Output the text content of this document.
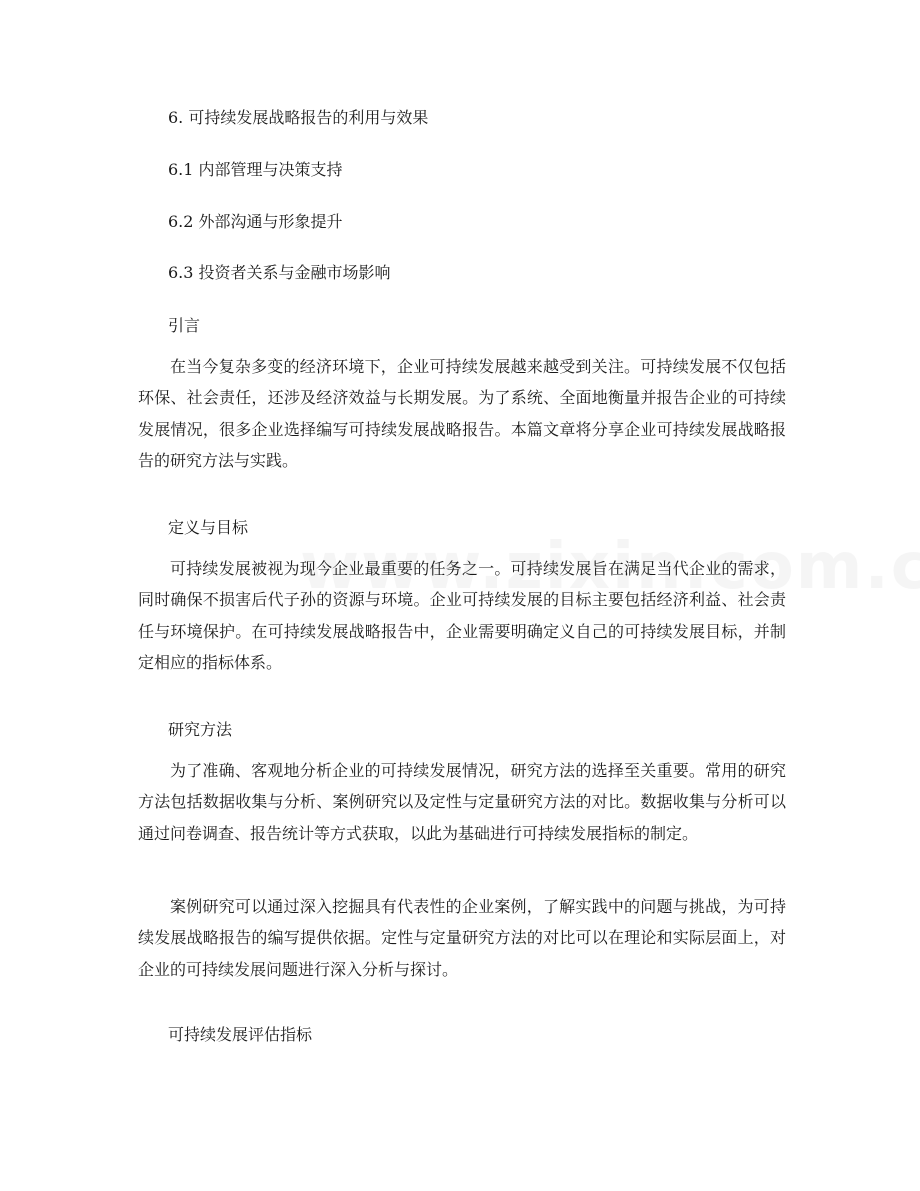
6. 可持续发展战略报告的利用与效果
6.1 内部管理与决策支持
6.2 外部沟通与形象提升
6.3 投资者关系与金融市场影响
引言

在当今复杂多变的经济环境下，企业可持续发展越来越受到关注。可持续发展不仅包括环保、社会责任，还涉及经济效益与长期发展。为了系统、全面地衡量并报告企业的可持续发展情况，很多企业选择编写可持续发展战略报告。本篇文章将分享企业可持续发展战略报告的研究方法与实践。

定义与目标

可持续发展被视为现今企业最重要的任务之一。可持续发展旨在满足当代企业的需求，同时确保不损害后代子孙的资源与环境。企业可持续发展的目标主要包括经济利益、社会责任与环境保护。在可持续发展战略报告中，企业需要明确定义自己的可持续发展目标，并制定相应的指标体系。

研究方法

为了准确、客观地分析企业的可持续发展情况，研究方法的选择至关重要。常用的研究方法包括数据收集与分析、案例研究以及定性与定量研究方法的对比。数据收集与分析可以通过问卷调查、报告统计等方式获取，以此为基础进行可持续发展指标的制定。

案例研究可以通过深入挖掘具有代表性的企业案例，了解实践中的问题与挑战，为可持续发展战略报告的编写提供依据。定性与定量研究方法的对比可以在理论和实际层面上，对企业的可持续发展问题进行深入分析与探讨。

可持续发展评估指标
